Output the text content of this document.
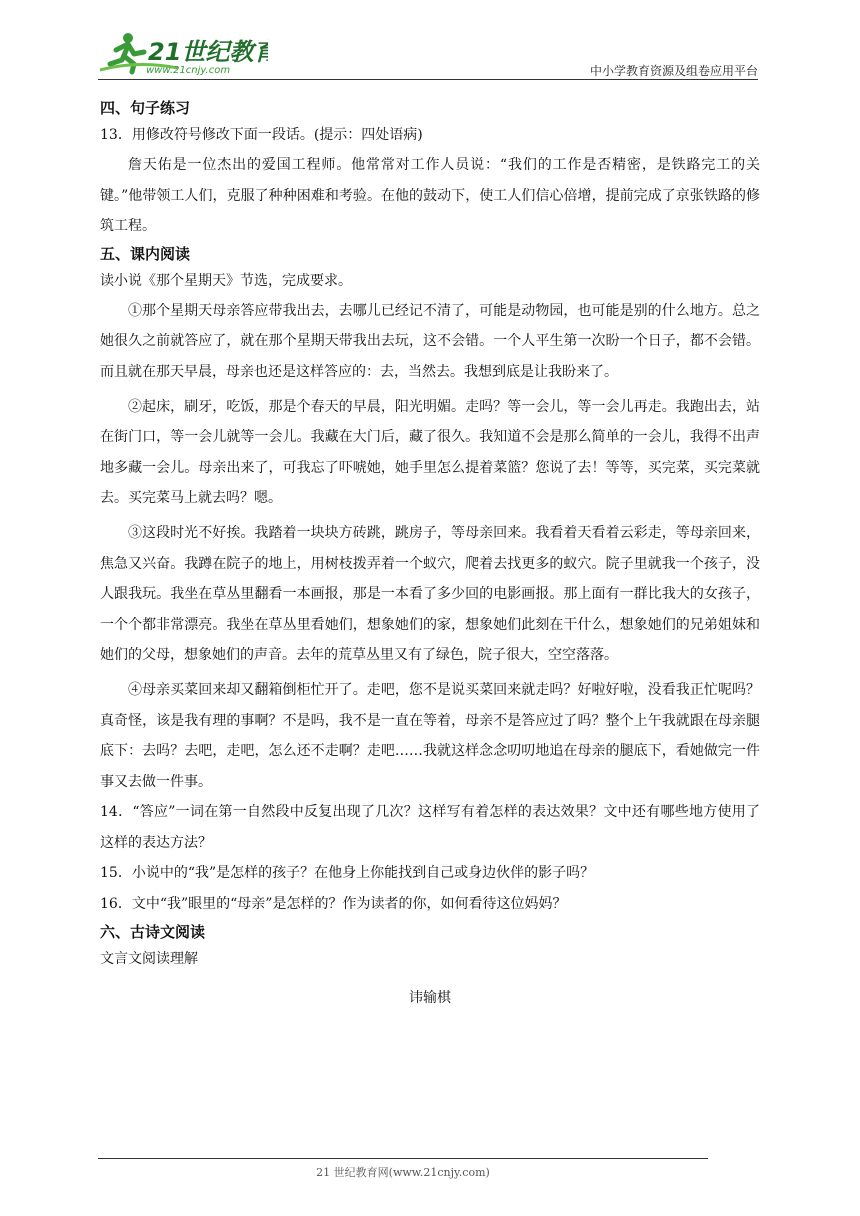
21世纪教育
www.21cnjy.com	中小学教育资源及组卷应用平台

四、句子练习

13．用修改符号修改下面一段话。(提示：四处语病)

詹天佑是一位杰出的爱国工程师。他常常对工作人员说：“我们的工作是否精密，是铁路完工的关键。”他带领工人们，克服了种种困难和考验。在他的鼓动下，使工人们信心倍增，提前完成了京张铁路的修筑工程。

五、课内阅读

读小说《那个星期天》节选，完成要求。

①那个星期天母亲答应带我出去，去哪儿已经记不清了，可能是动物园，也可能是别的什么地方。总之她很久之前就答应了，就在那个星期天带我出去玩，这不会错。一个人平生第一次盼一个日子，都不会错。而且就在那天早晨，母亲也还是这样答应的：去，当然去。我想到底是让我盼来了。

②起床，刷牙，吃饭，那是个春天的早晨，阳光明媚。走吗？等一会儿，等一会儿再走。我跑出去，站在街门口，等一会儿就等一会儿。我藏在大门后，藏了很久。我知道不会是那么简单的一会儿，我得不出声地多藏一会儿。母亲出来了，可我忘了吓唬她，她手里怎么提着菜篮？您说了去！等等，买完菜，买完菜就去。买完菜马上就去吗？嗯。

③这段时光不好挨。我踏着一块块方砖跳，跳房子，等母亲回来。我看着天看着云彩走，等母亲回来，焦急又兴奋。我蹲在院子的地上，用树枝拨弄着一个蚁穴，爬着去找更多的蚁穴。院子里就我一个孩子，没人跟我玩。我坐在草丛里翻看一本画报，那是一本看了多少回的电影画报。那上面有一群比我大的女孩子，一个个都非常漂亮。我坐在草丛里看她们，想象她们的家，想象她们此刻在干什么，想象她们的兄弟姐妹和她们的父母，想象她们的声音。去年的荒草丛里又有了绿色，院子很大，空空落落。

④母亲买菜回来却又翻箱倒柜忙开了。走吧，您不是说买菜回来就走吗？好啦好啦，没看我正忙呢吗？真奇怪，该是我有理的事啊？不是吗，我不是一直在等着，母亲不是答应过了吗？整个上午我就跟在母亲腿底下：去吗？去吧，走吧，怎么还不走啊？走吧……我就这样念念叨叨地追在母亲的腿底下，看她做完一件事又去做一件事。

14．“答应”一词在第一自然段中反复出现了几次？这样写有着怎样的表达效果？文中还有哪些地方使用了这样的表达方法？

15．小说中的“我”是怎样的孩子？在他身上你能找到自己或身边伙伴的影子吗？

16．文中“我”眼里的“母亲”是怎样的？作为读者的你，如何看待这位妈妈？

六、古诗文阅读

文言文阅读理解

讳输棋

21 世纪教育网(www.21cnjy.com)
